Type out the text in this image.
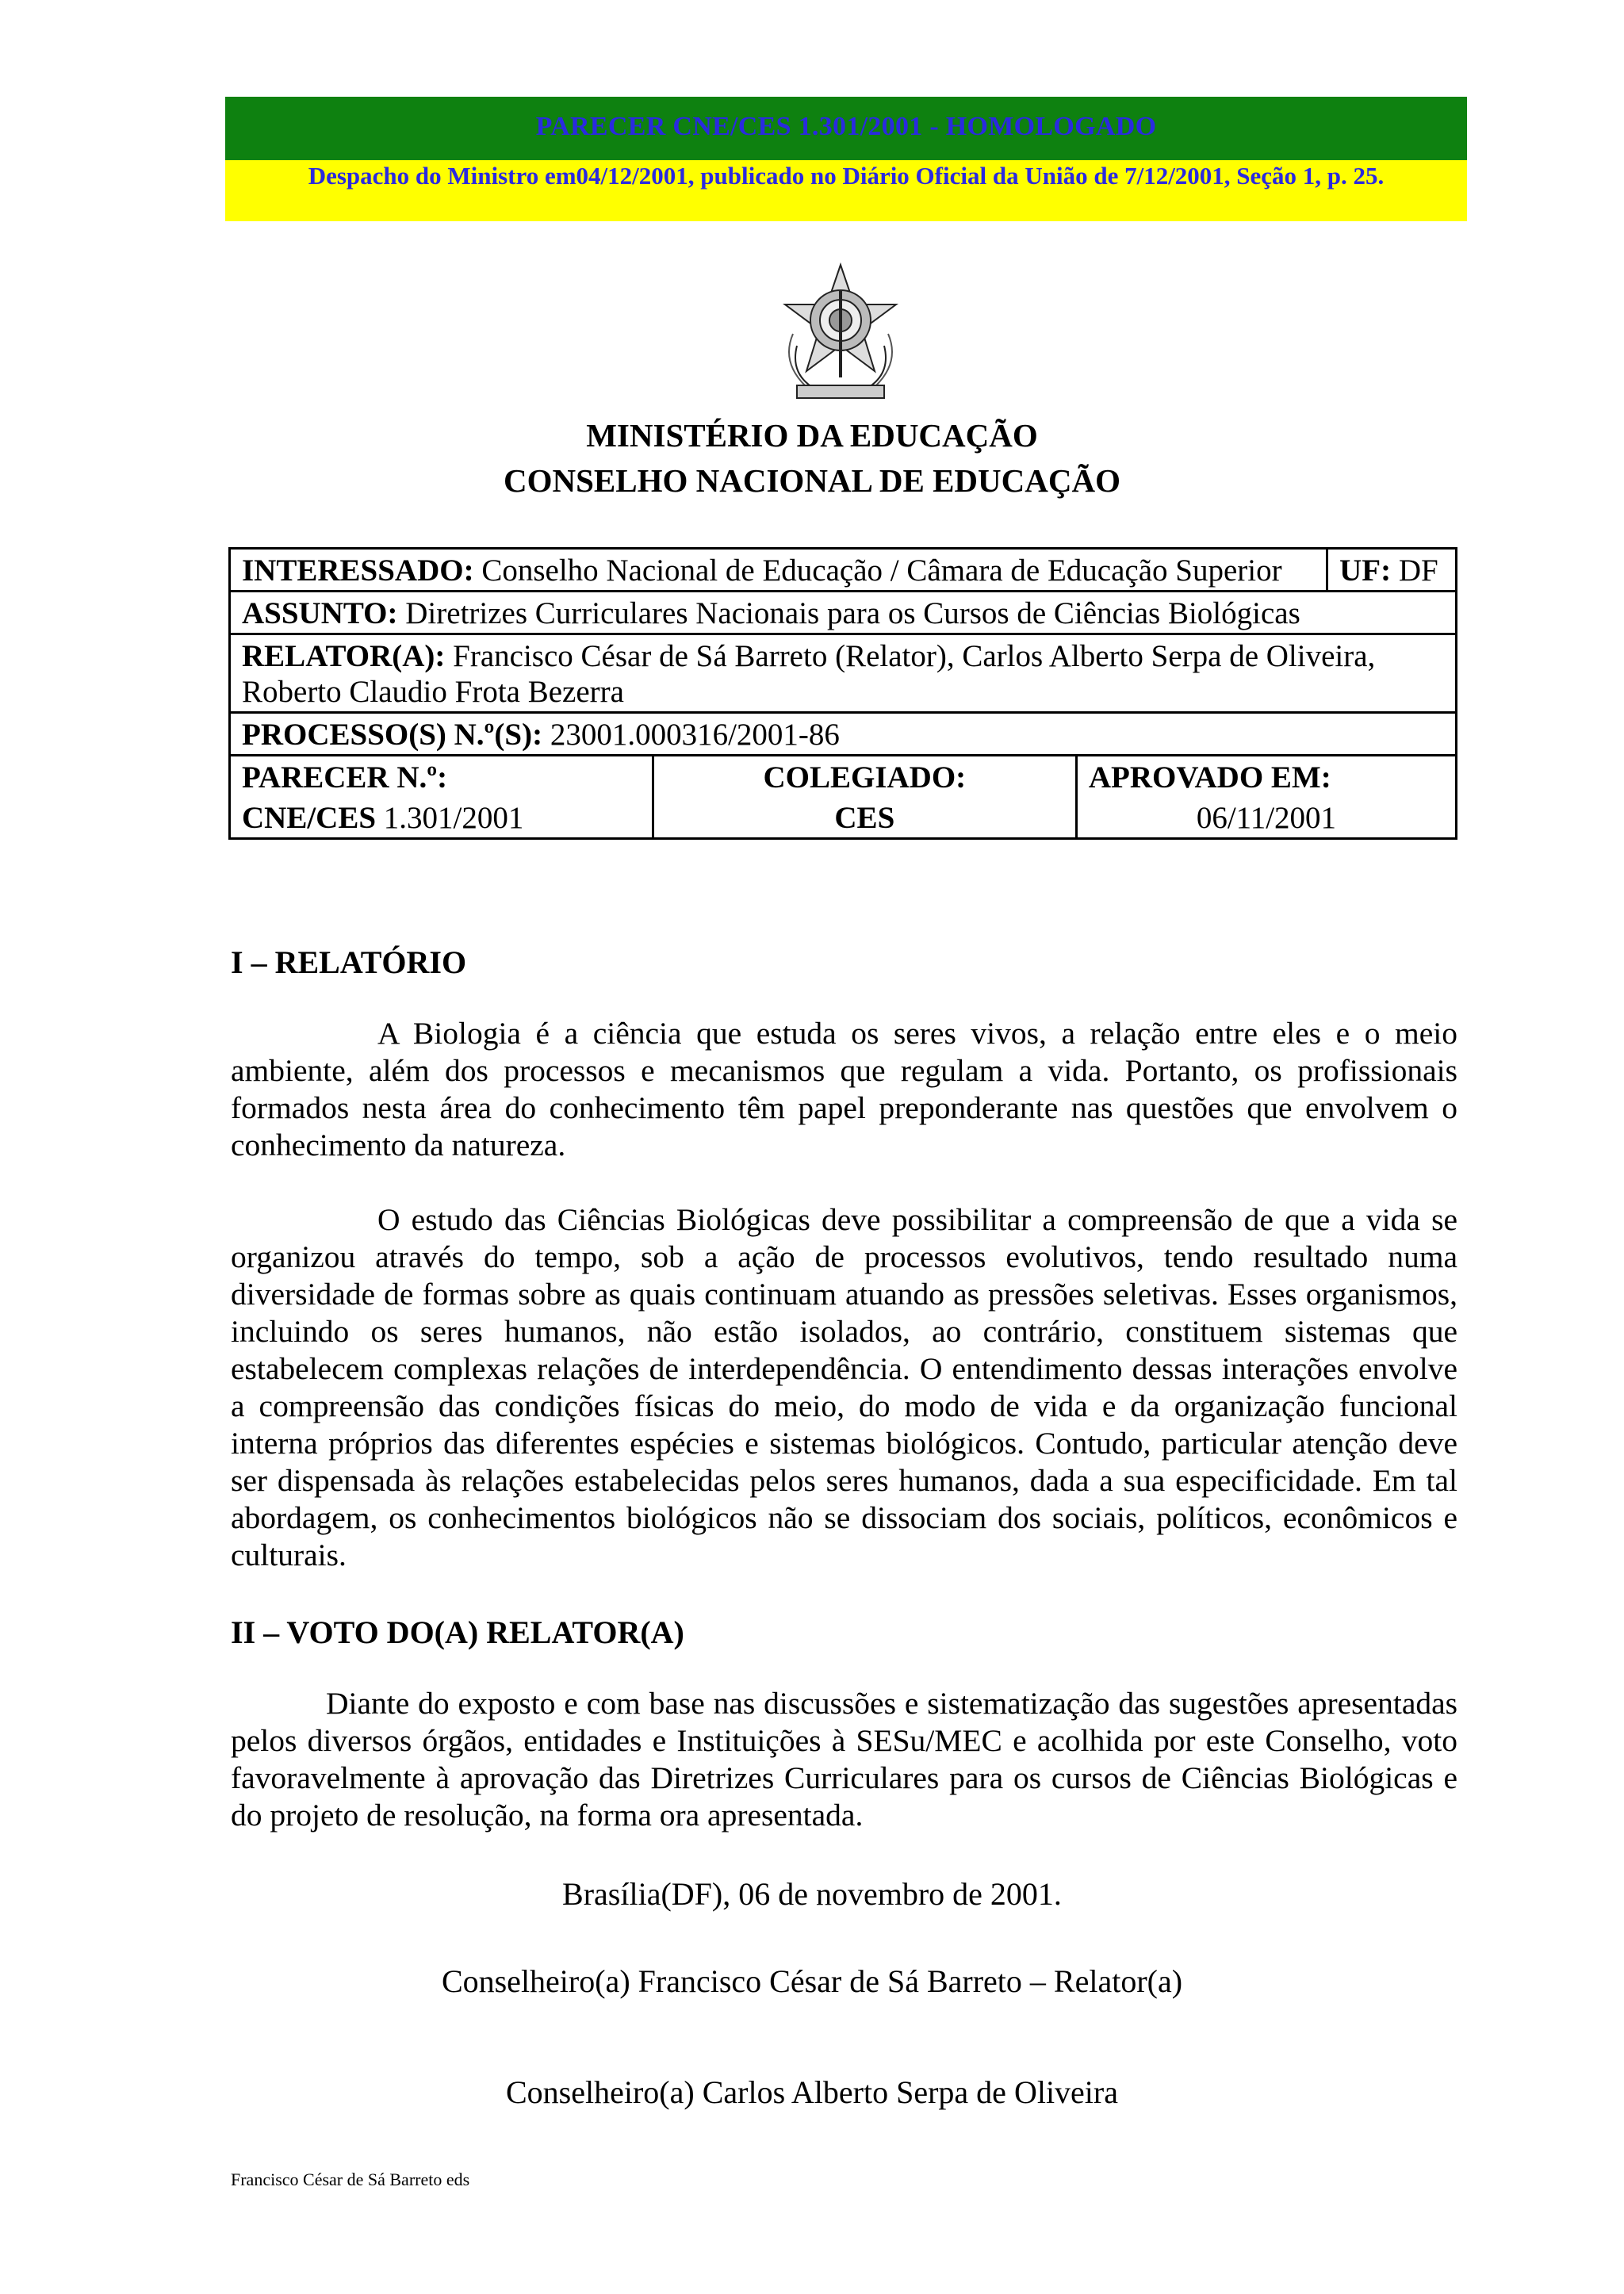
PARECER CNE/CES 1.301/2001 - HOMOLOGADO
Despacho do Ministro em04/12/2001, publicado no Diário Oficial da União de 7/12/2001, Seção 1, p. 25.
MINISTÉRIO DA EDUCAÇÃO
CONSELHO NACIONAL DE EDUCAÇÃO
INTERESSADO: Conselho Nacional de Educação / Câmara de Educação Superior			UF: DF
ASSUNTO: Diretrizes Curriculares Nacionais para os Cursos de Ciências Biológicas			
RELATOR(A): Francisco César de Sá Barreto (Relator), Carlos Alberto Serpa de Oliveira, Roberto Claudio Frota Bezerra			
PROCESSO(S) N.º(S): 23001.000316/2001-86			
PARECER N.º:	COLEGIADO:	APROVADO EM:	
CNE/CES 1.301/2001	CES	06/11/2001	
I – RELATÓRIO
A Biologia é a ciência que estuda os seres vivos, a relação entre eles e o meio ambiente, além dos processos e mecanismos que regulam a vida. Portanto, os profissionais formados nesta área do conhecimento têm papel preponderante nas questões que envolvem o conhecimento da natureza.
O estudo das Ciências Biológicas deve possibilitar a compreensão de que a vida se organizou através do tempo, sob a ação de processos evolutivos, tendo resultado numa diversidade de formas sobre as quais continuam atuando as pressões seletivas. Esses organismos, incluindo os seres humanos, não estão isolados, ao contrário, constituem sistemas que estabelecem complexas relações de interdependência. O entendimento dessas interações envolve a compreensão das condições físicas do meio, do modo de vida e da organização funcional interna próprios das diferentes espécies e sistemas biológicos. Contudo, particular atenção deve ser dispensada às relações estabelecidas pelos seres humanos, dada a sua especificidade. Em tal abordagem, os conhecimentos biológicos não se dissociam dos sociais, políticos, econômicos e culturais.
II – VOTO DO(A) RELATOR(A)
Diante do exposto e com base nas discussões e sistematização das sugestões apresentadas pelos diversos órgãos, entidades e Instituições à SESu/MEC e acolhida por este Conselho, voto favoravelmente à aprovação das Diretrizes Curriculares para os cursos de Ciências Biológicas e do projeto de resolução, na forma ora apresentada.
Brasília(DF), 06 de novembro de 2001.
Conselheiro(a) Francisco César de Sá Barreto – Relator(a)
Conselheiro(a) Carlos Alberto Serpa de Oliveira
Francisco César de Sá Barreto eds
